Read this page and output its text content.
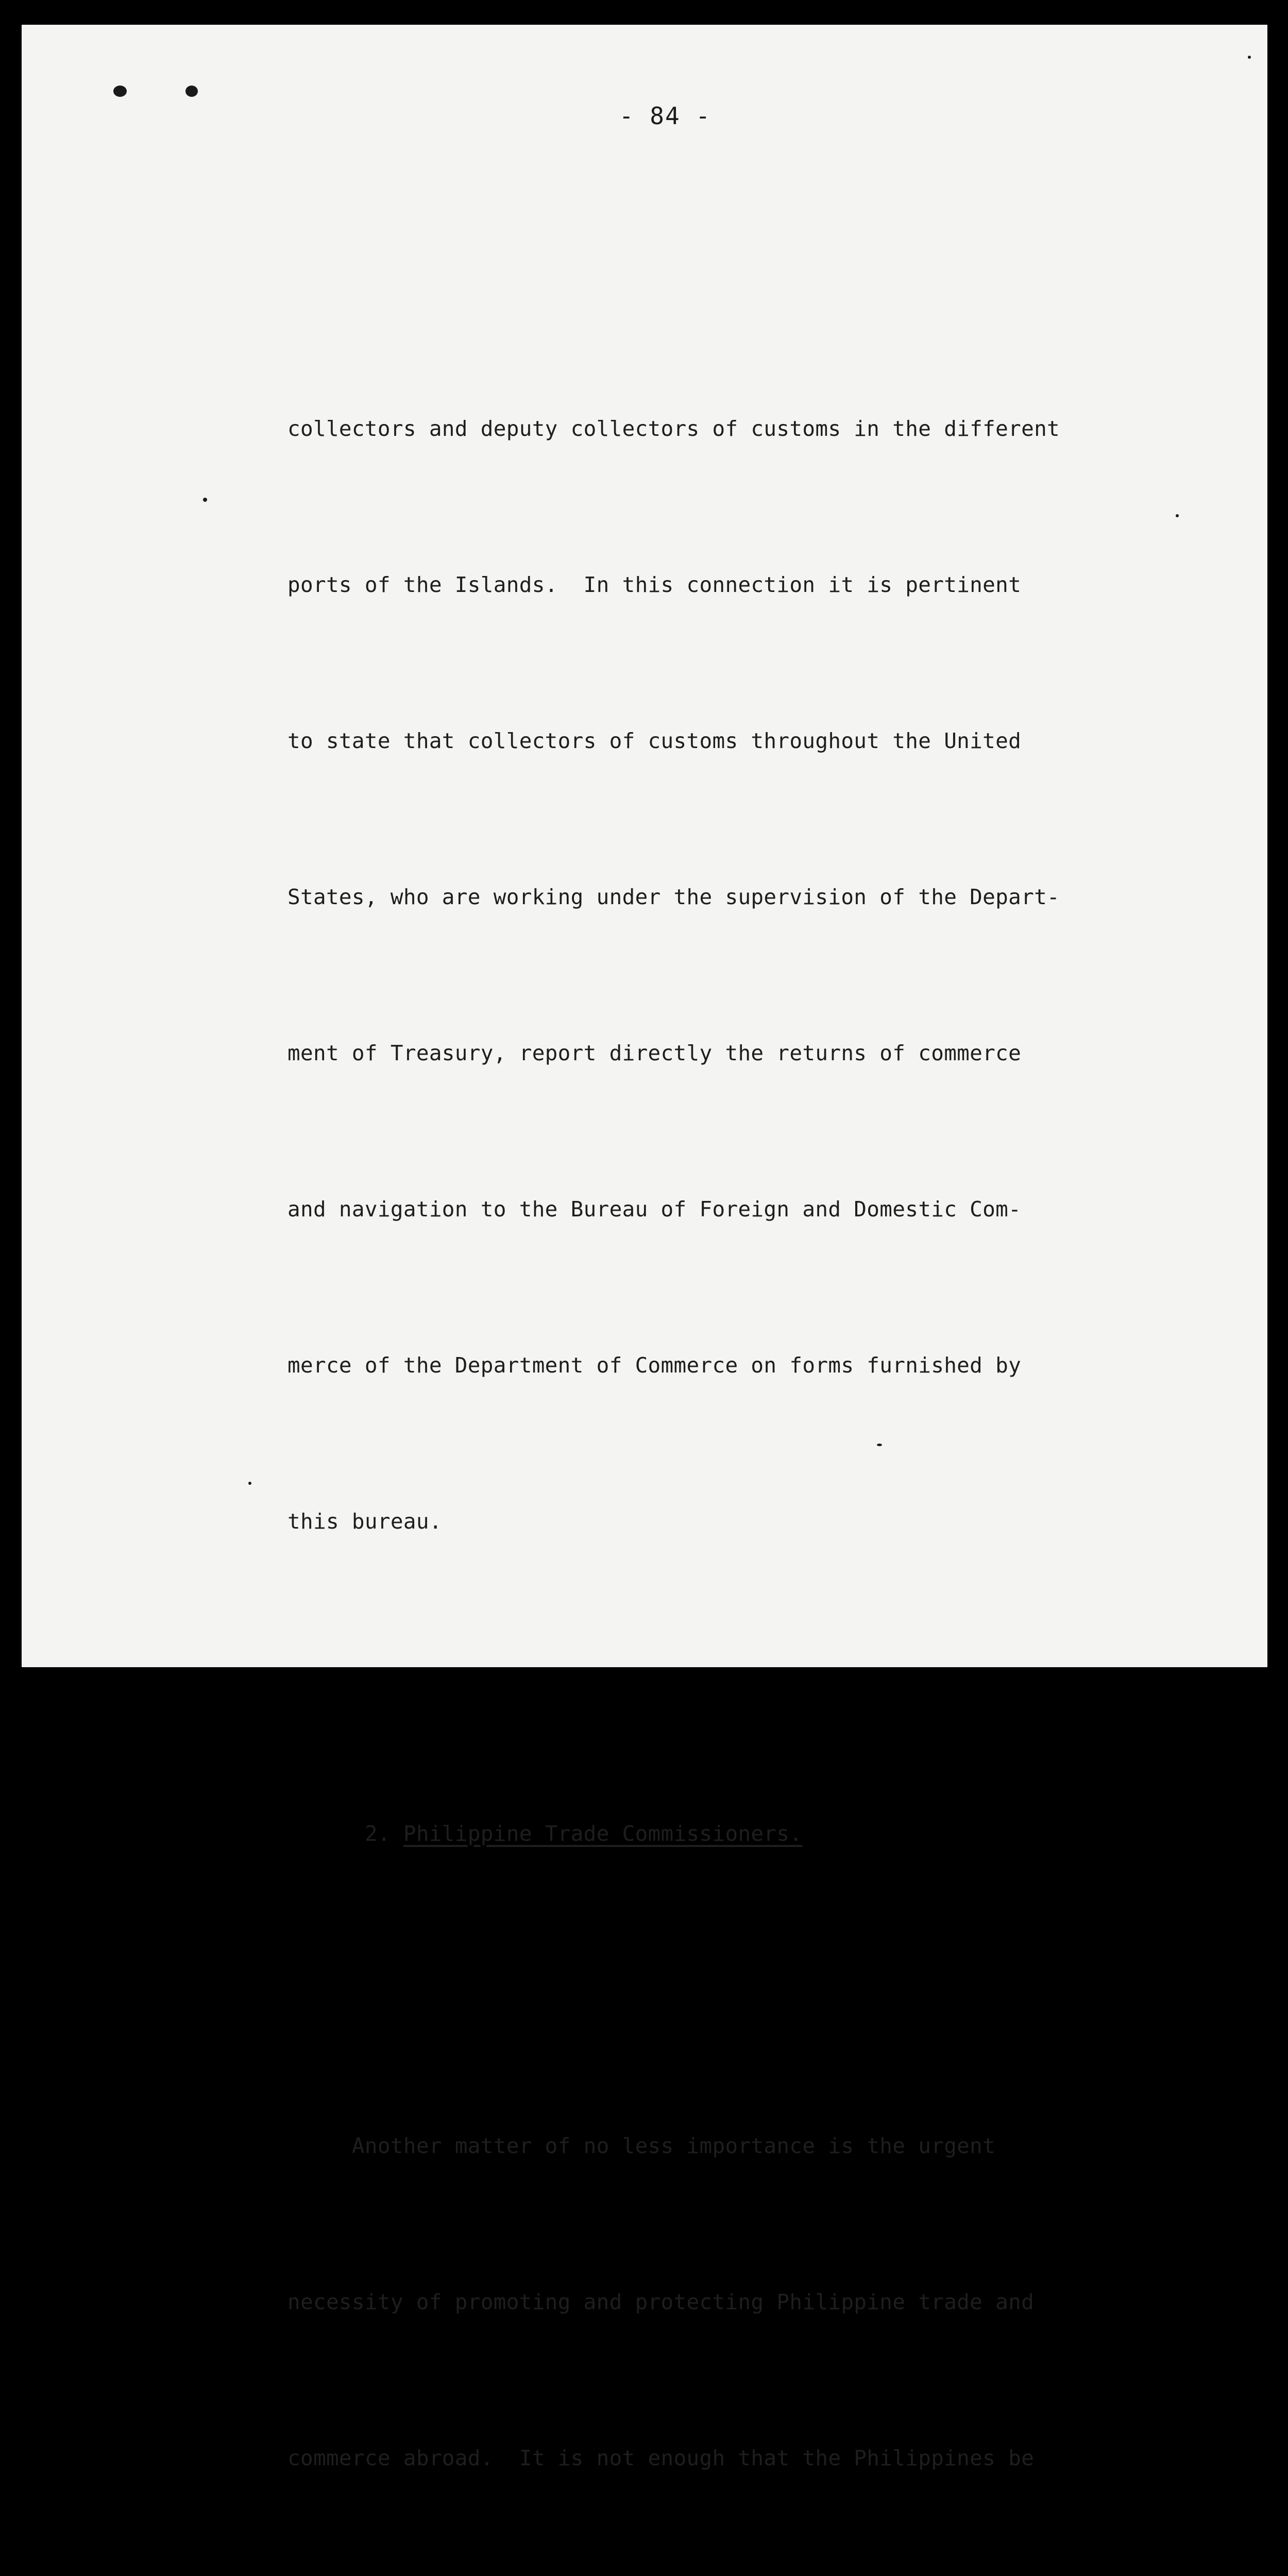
- 84 -

collectors and deputy collectors of customs in the different

ports of the Islands.  In this connection it is pertinent

to state that collectors of customs throughout the United

States, who are working under the supervision of the Depart-

ment of Treasury, report directly the returns of commerce

and navigation to the Bureau of Foreign and Domestic Com-

merce of the Department of Commerce on forms furnished by

this bureau.

2. Philippine Trade Commissioners.

Another matter of no less importance is the urgent

necessity of promoting and protecting Philippine trade and

commerce abroad.  It is not enough that the Philippines be
